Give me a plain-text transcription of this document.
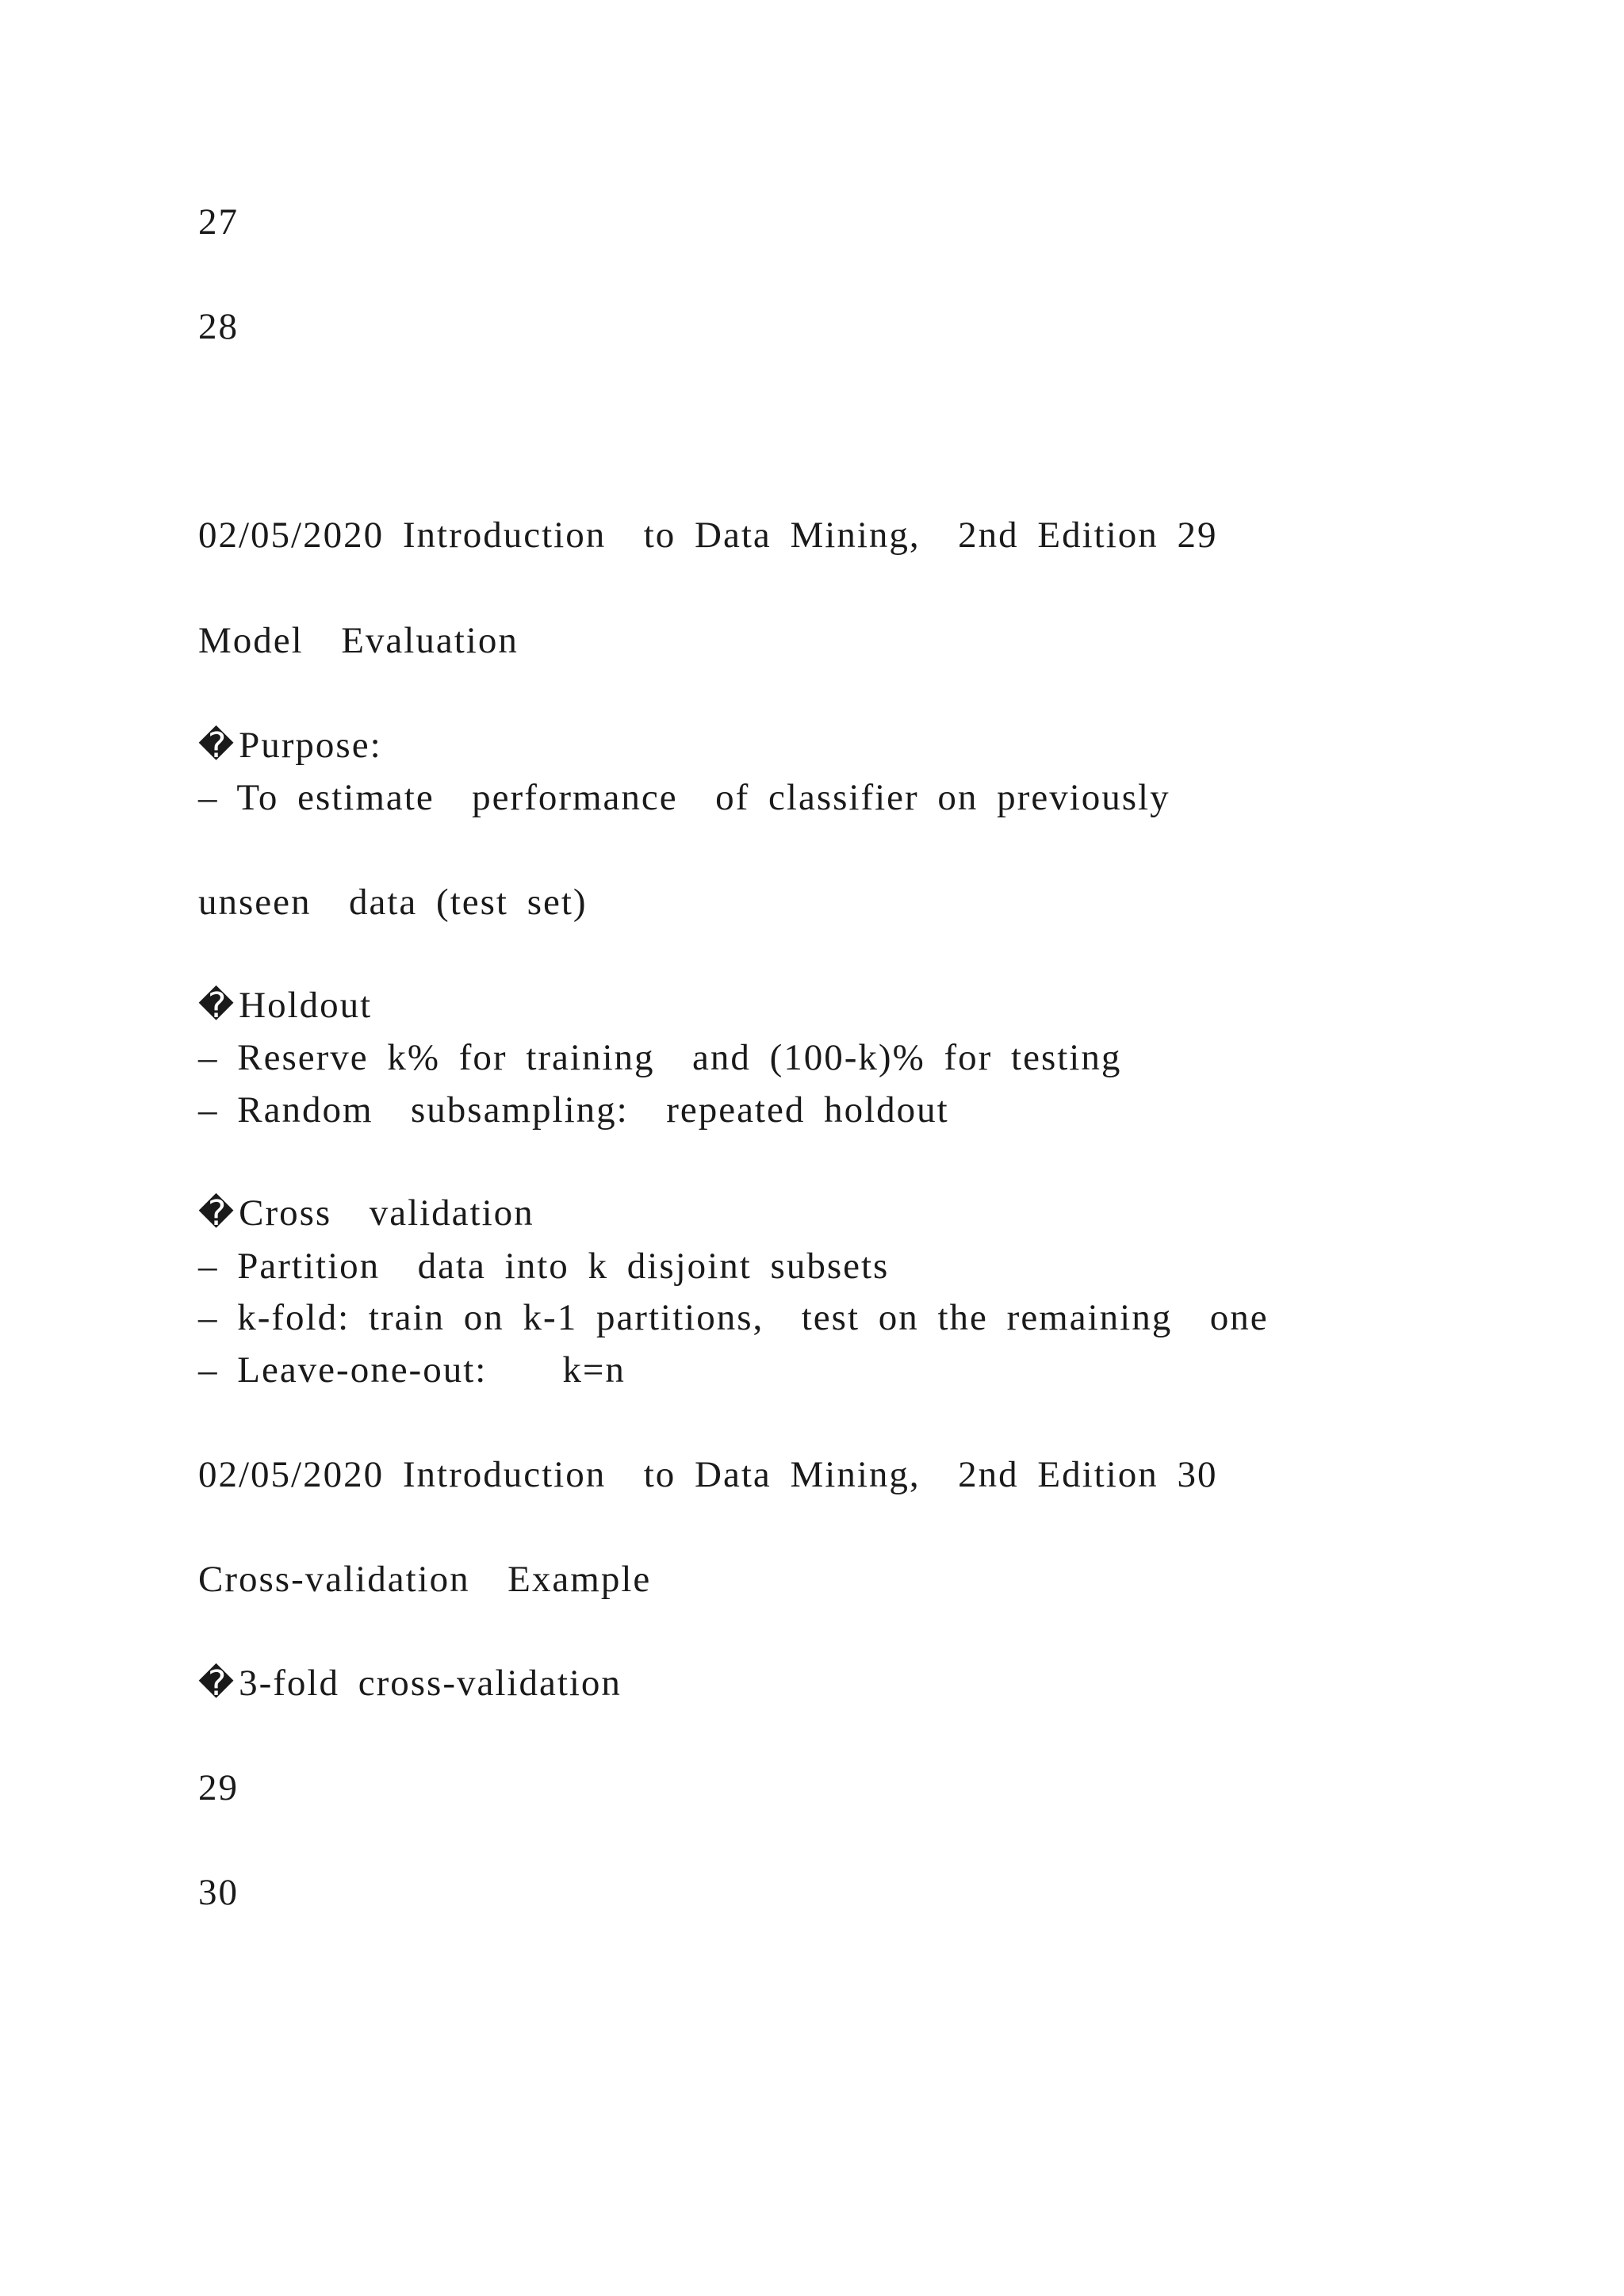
27
28
02/05/2020 Introduction  to Data Mining,  2nd Edition 29
Model  Evaluation
�Purpose:
– To estimate  performance  of classifier on previously
unseen  data (test set)
�Holdout
– Reserve k% for training  and (100-k)% for testing
– Random  subsampling:  repeated holdout
�Cross  validation
– Partition  data into k disjoint subsets
– k-fold: train on k-1 partitions,  test on the remaining  one
– Leave-one-out:    k=n
02/05/2020 Introduction  to Data Mining,  2nd Edition 30
Cross-validation  Example
�3-fold cross-validation
29
30
